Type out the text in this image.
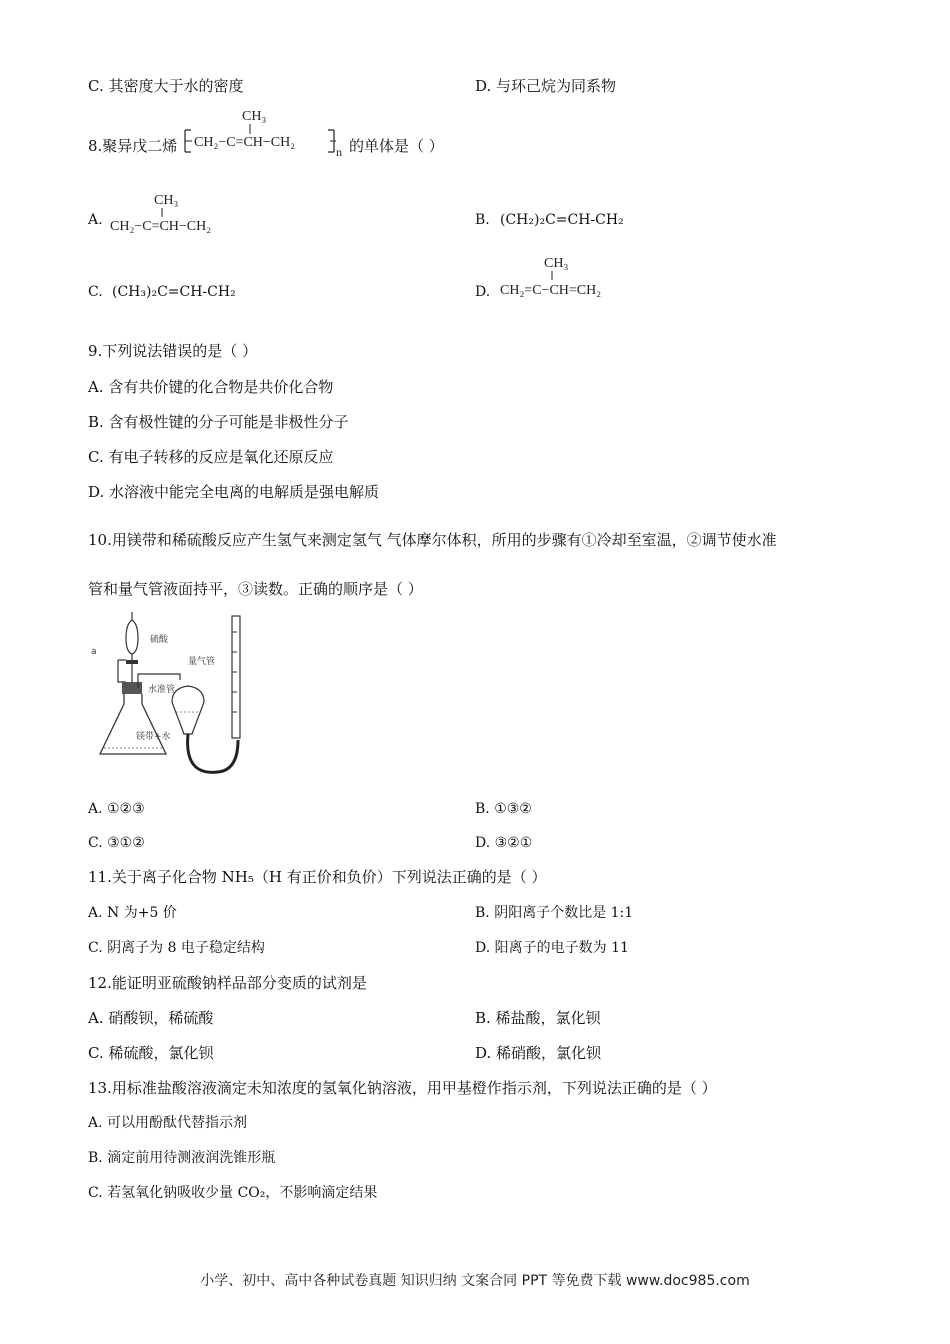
C. 其密度大于水的密度	D. 与环己烷为同系物
8.聚异戊二烯
CH₃
CH₂−C=CH−CH₂
n 的单体是（ ）
A.
CH₃
CH₂−C=CH−CH₂	B. (CH₂)₂C=CH-CH₂
C. (CH₃)₂C=CH-CH₂	D.
CH₃
CH₂=C−CH=CH₂
9.下列说法错误的是（ ）
A. 含有共价键的化合物是共价化合物
B. 含有极性键的分子可能是非极性分子
C. 有电子转移的反应是氧化还原反应
D. 水溶液中能完全电离的电解质是强电解质
10.用镁带和稀硫酸反应产生氢气来测定氢气 气体摩尔体积，所用的步骤有①冷却至室温，②调节使水准
管和量气管液面持平，③读数。正确的顺序是（ ）
a
硫酸
镁带+水
水准管
量气管
A. ①②③	B. ①③②
C. ③①②	D. ③②①
11.关于离子化合物 NH₅（H 有正价和负价）下列说法正确的是（ ）
A. N 为+5 价	B. 阴阳离子个数比是 1:1
C. 阴离子为 8 电子稳定结构	D. 阳离子的电子数为 11
12.能证明亚硫酸钠样品部分变质的试剂是
A. 硝酸钡，稀硫酸	B. 稀盐酸，氯化钡
C. 稀硫酸，氯化钡	D. 稀硝酸，氯化钡
13.用标准盐酸溶液滴定未知浓度的氢氧化钠溶液，用甲基橙作指示剂，下列说法正确的是（ ）
A. 可以用酚酞代替指示剂
B. 滴定前用待测液润洗锥形瓶
C. 若氢氧化钠吸收少量 CO₂，不影响滴定结果
小学、初中、高中各种试卷真题 知识归纳 文案合同 PPT 等免费下载 www.doc985.com
